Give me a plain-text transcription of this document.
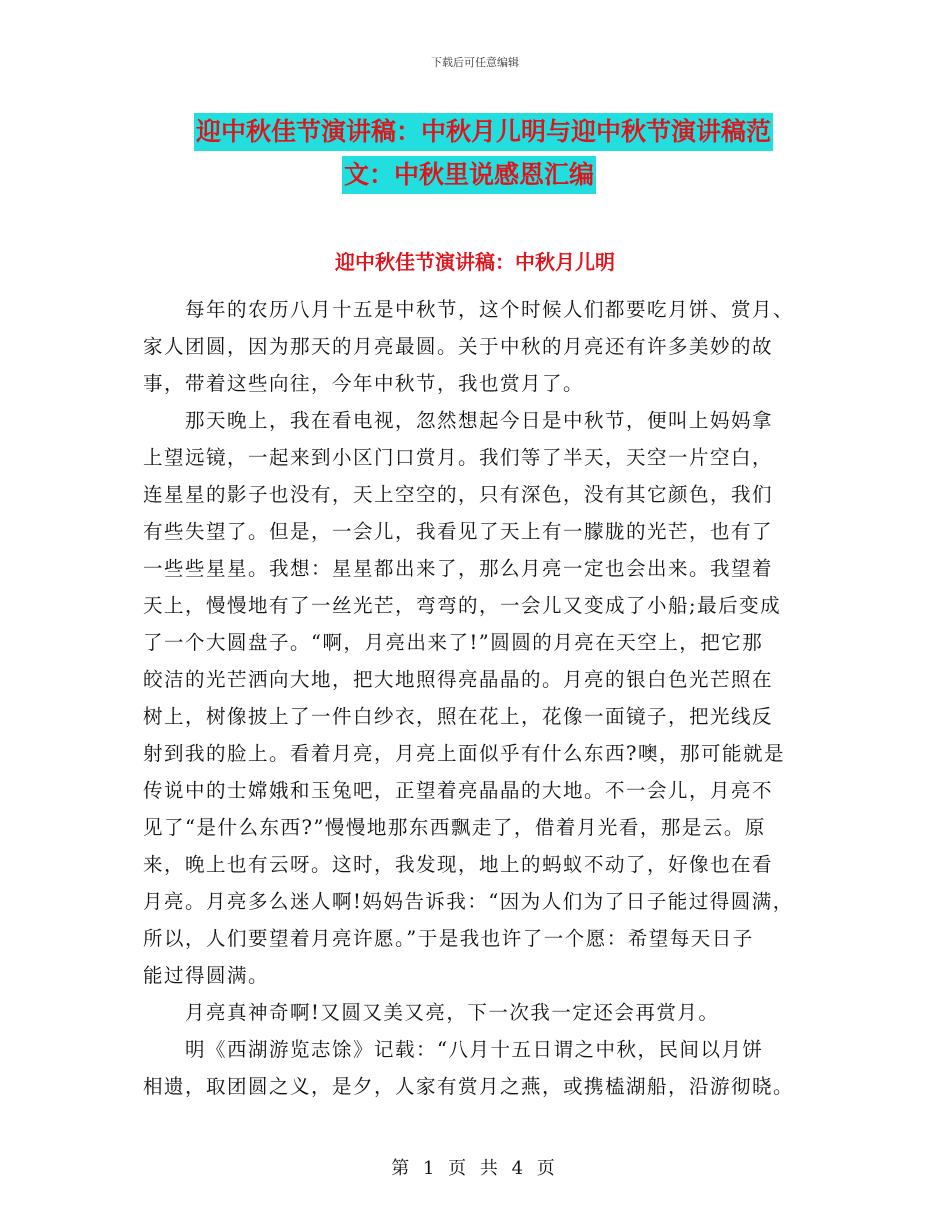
下载后可任意编辑
迎中秋佳节演讲稿：中秋月儿明与迎中秋节演讲稿范
文：中秋里说感恩汇编
迎中秋佳节演讲稿：中秋月儿明
　　每年的农历八月十五是中秋节，这个时候人们都要吃月饼、赏月、
家人团圆，因为那天的月亮最圆。关于中秋的月亮还有许多美妙的故
事，带着这些向往，今年中秋节，我也赏月了。
　　那天晚上，我在看电视，忽然想起今日是中秋节，便叫上妈妈拿
上望远镜，一起来到小区门口赏月。我们等了半天，天空一片空白，
连星星的影子也没有，天上空空的，只有深色，没有其它颜色，我们
有些失望了。但是，一会儿，我看见了天上有一朦胧的光芒，也有了
一些些星星。我想：星星都出来了，那么月亮一定也会出来。我望着
天上，慢慢地有了一丝光芒，弯弯的，一会儿又变成了小船;最后变成
了一个大圆盘子。“啊，月亮出来了!”圆圆的月亮在天空上，把它那
皎洁的光芒洒向大地，把大地照得亮晶晶的。月亮的银白色光芒照在
树上，树像披上了一件白纱衣，照在花上，花像一面镜子，把光线反
射到我的脸上。看着月亮，月亮上面似乎有什么东西?噢，那可能就是
传说中的士嫦娥和玉兔吧，正望着亮晶晶的大地。不一会儿，月亮不
见了“是什么东西?”慢慢地那东西飘走了，借着月光看，那是云。原
来，晚上也有云呀。这时，我发现，地上的蚂蚁不动了，好像也在看
月亮。月亮多么迷人啊!妈妈告诉我：“因为人们为了日子能过得圆满，
所以，人们要望着月亮许愿。”于是我也许了一个愿：希望每天日子
能过得圆满。
　　月亮真神奇啊!又圆又美又亮，下一次我一定还会再赏月。
　　明《西湖游览志馀》记载：“八月十五日谓之中秋，民间以月饼
相遗，取团圆之义，是夕，人家有赏月之燕，或携榼湖船，沿游彻晓。
第 1 页 共 4 页
